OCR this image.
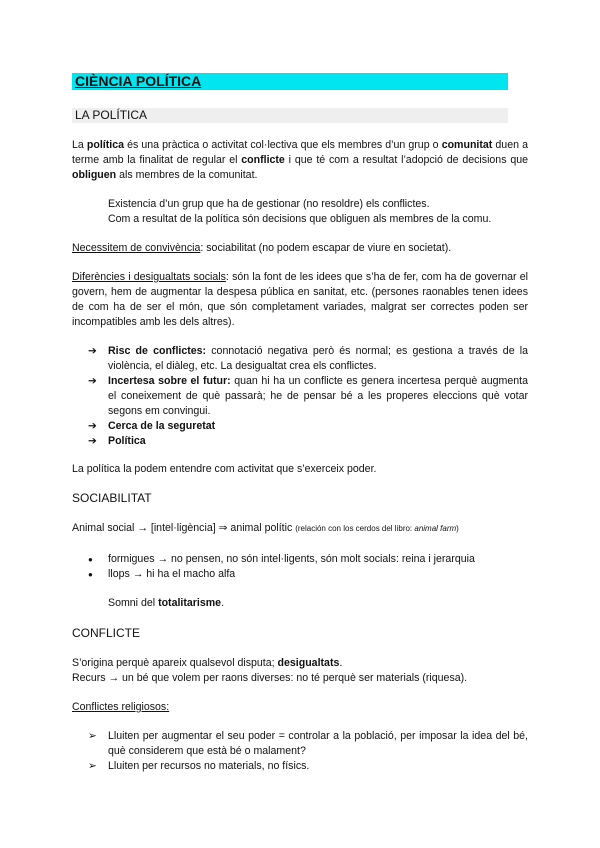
CIÈNCIA POLÍTICA
LA POLÍTICA
La política és una pràctica o activitat col·lectiva que els membres d’un grup o comunitat duen a terme amb la finalitat de regular el conflicte i que té com a resultat l’adopció de decisions que obliguen als membres de la comunitat.
Existencia d’un grup que ha de gestionar (no resoldre) els conflictes.
Com a resultat de la política són decisions que obliguen als membres de la comu.
Necessitem de convivència: sociabilitat (no podem escapar de viure en societat).
Diferències i desigualtats socials: són la font de les idees que s’ha de fer, com ha de governar el govern, hem de augmentar la despesa pública en sanitat, etc. (persones raonables tenen idees de com ha de ser el món, que són completament variades, malgrat ser correctes poden ser incompatibles amb les dels altres).
➔ Risc de conflictes: connotació negativa però és normal; es gestiona a través de la violència, el diàleg, etc. La desigualtat crea els conflictes.
➔ Incertesa sobre el futur: quan hi ha un conflicte es genera incertesa perquè augmenta el coneixement de què passarà; he de pensar bé a les properes eleccions què votar segons em convingui.
➔ Cerca de la seguretat
➔ Política
La política la podem entendre com activitat que s’exerceix poder.
SOCIABILITAT
Animal social → [intel·ligència] ⇒ animal polític (relación con los cerdos del libro: animal farm)
● formigues → no pensen, no són intel·ligents, són molt socials: reina i jerarquia
● llops → hi ha el macho alfa
Somni del totalitarisme.
CONFLICTE
S’origina perquè apareix qualsevol disputa; desigualtats.
Recurs → un bé que volem per raons diverses: no té perquè ser materials (riquesa).
Conflictes religiosos:
➢ Lluiten per augmentar el seu poder = controlar a la població, per imposar la idea del bé, què considerem que està bé o malament?
➢ Lluiten per recursos no materials, no físics.
